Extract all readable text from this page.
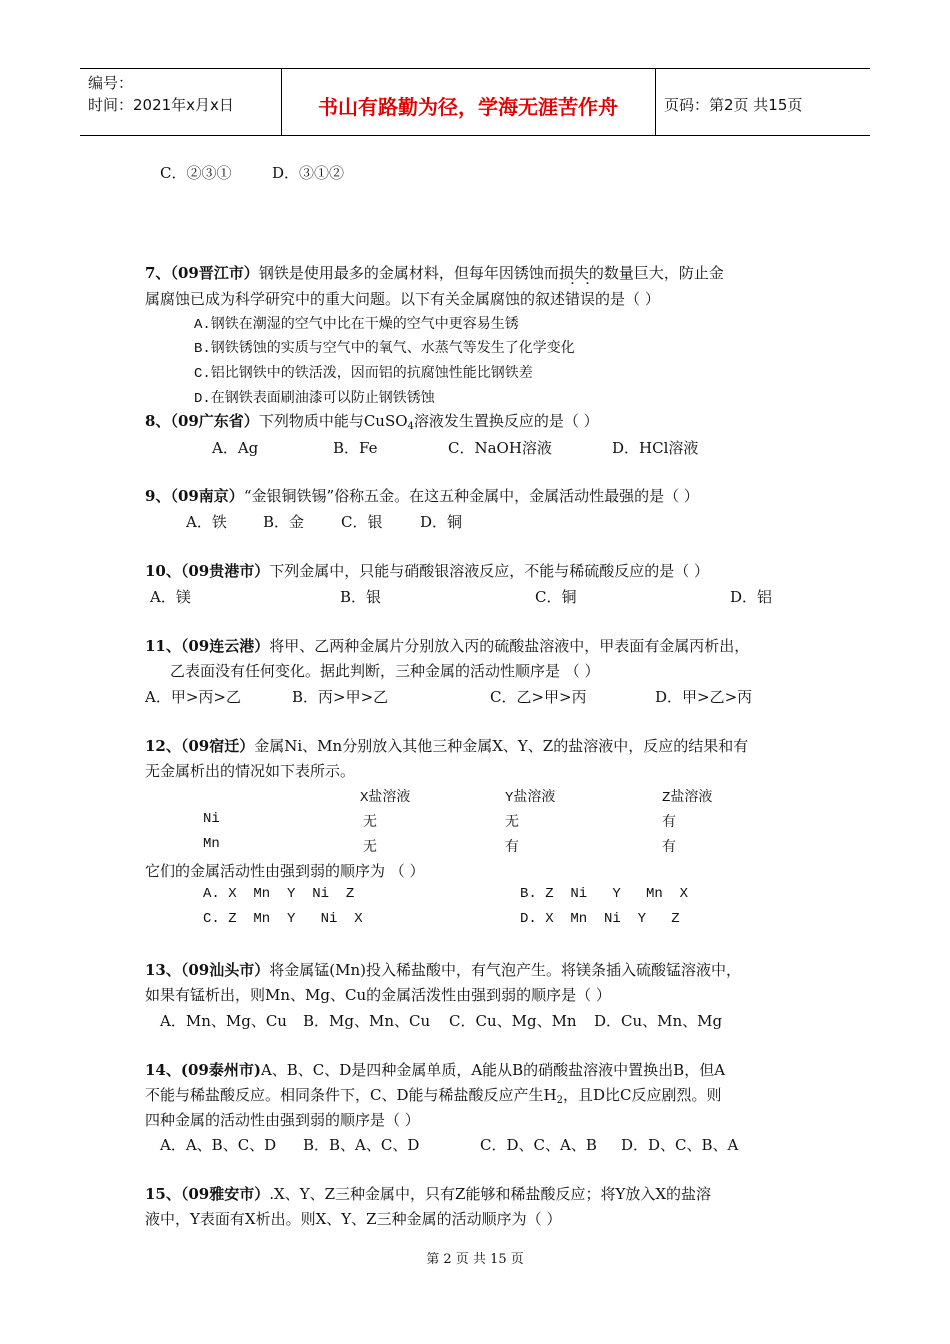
编号：
时间：2021年x月x日	书山有路勤为径，学海无涯苦作舟	页码：第2页 共15页
C．②③①	D．③①②
7、（09晋江市）钢铁是使用最多的金属材料，但每年因锈蚀而损失的数量巨大，防止金
属腐蚀已成为科学研究中的重大问题。以下有关金属腐蚀的叙述错误的是（ ）
A.钢铁在潮湿的空气中比在干燥的空气中更容易生锈
B.钢铁锈蚀的实质与空气中的氧气、水蒸气等发生了化学变化
C.铝比钢铁中的铁活泼，因而铝的抗腐蚀性能比钢铁差
D.在钢铁表面刷油漆可以防止钢铁锈蚀
8、（09广东省）下列物质中能与CuSO$_4$溶液发生置换反应的是（ ）
A．Ag	B．Fe	C．NaOH溶液	D．HCl溶液
9、（09南京）“金银铜铁锡”俗称五金。在这五种金属中，金属活动性最强的是（ ）
A．铁 B．金 C．银	D．铜
10、（09贵港市）下列金属中，只能与硝酸银溶液反应，不能与稀硫酸反应的是（ ）
A．镁	B．银	C．铜	D．铝
11、（09连云港）将甲、乙两种金属片分别放入丙的硫酸盐溶液中，甲表面有金属丙析出，
乙表面没有任何变化。据此判断，三种金属的活动性顺序是 （ ）
A．甲>丙>乙	B．丙>甲>乙	C．乙>甲>丙	D．甲>乙>丙
12、（09宿迁）金属Ni、Mn分别放入其他三种金属X、Y、Z的盐溶液中，反应的结果和有
无金属析出的情况如下表所示。
X盐溶液	Y盐溶液	Z盐溶液
Ni	无	无	有
Mn	无	有	有
它们的金属活动性由强到弱的顺序为 （ ）
A. X  Mn  Y  Ni  Z	B. Z  Ni   Y   Mn  X
C. Z  Mn  Y   Ni  X	D. X  Mn  Ni  Y   Z
13、（09汕头市）将金属锰(Mn)投入稀盐酸中，有气泡产生。将镁条插入硫酸锰溶液中，
如果有锰析出，则Mn、Mg、Cu的金属活泼性由强到弱的顺序是（ ）
A．Mn、Mg、Cu B．Mg、Mn、Cu C．Cu、Mg、Mn D．Cu、Mn、Mg
14、(09泰州市)A、B、C、D是四种金属单质，A能从B的硝酸盐溶液中置换出B，但A
不能与稀盐酸反应。相同条件下，C、D能与稀盐酸反应产生$H_2$，且D比C反应剧烈。则
四种金属的活动性由强到弱的顺序是（ ）
A．A、B、C、D B．B、A、C、D	C．D、C、A、B D．D、C、B、A
15、（09雅安市）.X、Y、Z三种金属中，只有Z能够和稀盐酸反应；将Y放入X的盐溶
液中，Y表面有X析出。则X、Y、Z三种金属的活动顺序为（ ）
第 2 页 共 15 页
